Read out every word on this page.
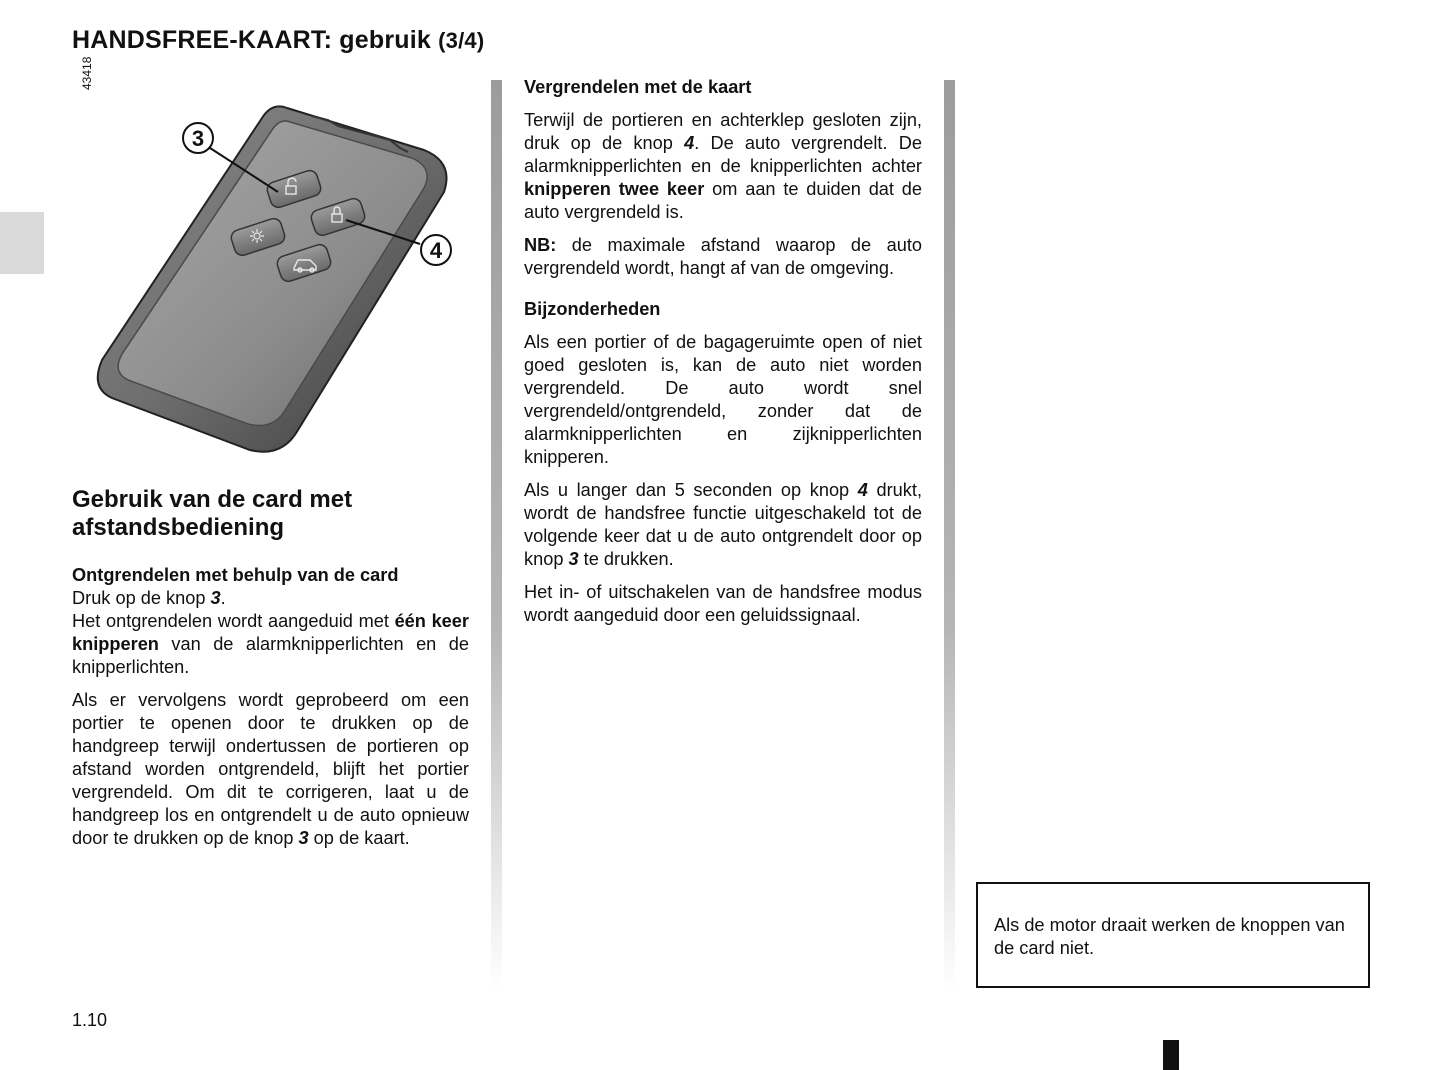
HANDSFREE-KAART: gebruik (3/4)
43418
3
4
Gebruik van de card met afstandsbediening
Ontgrendelen met behulp van de card

Druk op de knop 3.

Het ontgrendelen wordt aangeduid met één keer knipperen van de alarmknipperlichten en de knipperlichten.

Als er vervolgens wordt geprobeerd om een portier te openen door te drukken op de handgreep terwijl ondertussen de portieren op afstand worden ontgrendeld, blijft het portier vergrendeld. Om dit te corrigeren, laat u de handgreep los en ontgrendelt u de auto opnieuw door te drukken op de knop 3 op de kaart.

Vergrendelen met de kaart

Terwijl de portieren en achterklep gesloten zijn, druk op de knop 4. De auto vergrendelt. De alarmknipperlichten en de knipperlichten achter knipperen twee keer om aan te duiden dat de auto vergrendeld is.

NB: de maximale afstand waarop de auto vergrendeld wordt, hangt af van de omgeving.

Bijzonderheden

Als een portier of de bagageruimte open of niet goed gesloten is, kan de auto niet worden vergrendeld. De auto wordt snel vergrendeld/ontgrendeld, zonder dat de alarmknipperlichten en zijknipperlichten knipperen.

Als u langer dan 5 seconden op knop 4 drukt, wordt de handsfree functie uitgeschakeld tot de volgende keer dat u de auto ontgrendelt door op knop 3 te drukken.

Het in- of uitschakelen van de handsfree modus wordt aangeduid door een geluidssignaal.

Als de motor draait werken de knoppen van de card niet.

1.10
